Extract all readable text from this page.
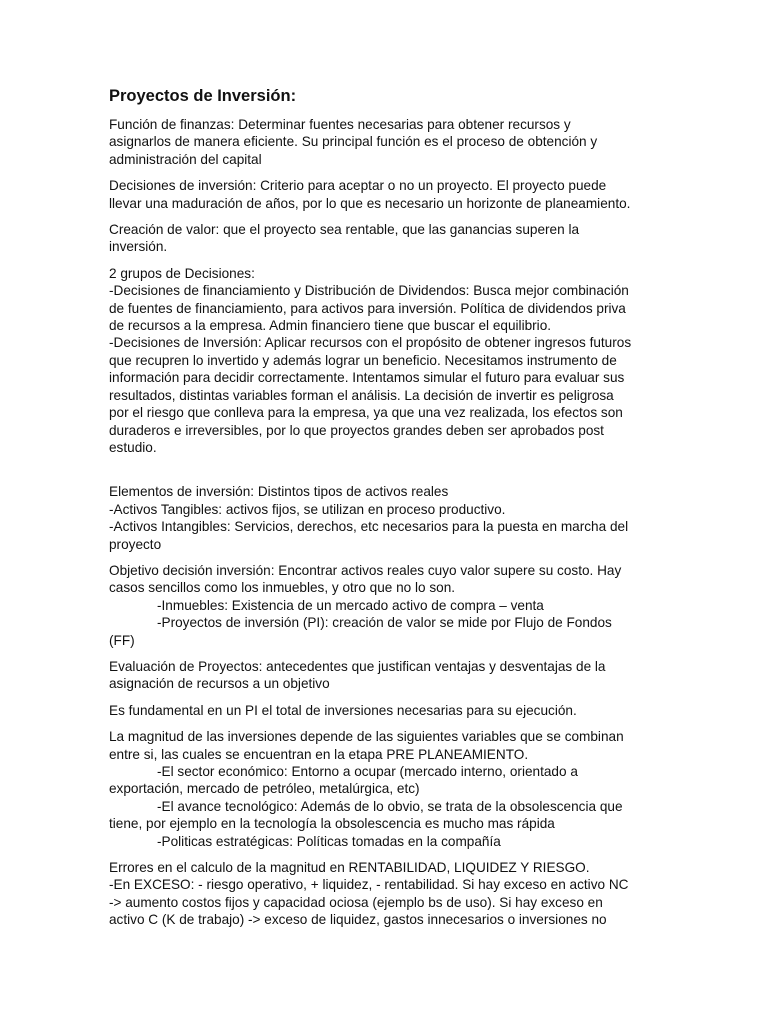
Proyectos de Inversión:
Función de finanzas: Determinar fuentes necesarias para obtener recursos y
asignarlos de manera eficiente. Su principal función es el proceso de obtención y
administración del capital
Decisiones de inversión: Criterio para aceptar o no un proyecto. El proyecto puede
llevar una maduración de años, por lo que es necesario un horizonte de planeamiento.
Creación de valor: que el proyecto sea rentable, que las ganancias superen la
inversión.
2 grupos de Decisiones:
-Decisiones de financiamiento y Distribución de Dividendos: Busca mejor combinación
de fuentes de financiamiento, para activos para inversión. Política de dividendos priva
de recursos a la empresa. Admin financiero tiene que buscar el equilibrio.
-Decisiones de Inversión: Aplicar recursos con el propósito de obtener ingresos futuros
que recupren lo invertido y además lograr un beneficio. Necesitamos instrumento de
información para decidir correctamente. Intentamos simular el futuro para evaluar sus
resultados, distintas variables forman el análisis. La decisión de invertir es peligrosa
por el riesgo que conlleva para la empresa, ya que una vez realizada, los efectos son
duraderos e irreversibles, por lo que proyectos grandes deben ser aprobados post
estudio.
Elementos de inversión: Distintos tipos de activos reales
-Activos Tangibles: activos fijos, se utilizan en proceso productivo.
-Activos Intangibles: Servicios, derechos, etc necesarios para la puesta en marcha del
proyecto
Objetivo decisión inversión: Encontrar activos reales cuyo valor supere su costo. Hay
casos sencillos como los inmuebles, y otro que no lo son.
-Inmuebles: Existencia de un mercado activo de compra – venta
-Proyectos de inversión (PI): creación de valor se mide por Flujo de Fondos
(FF)
Evaluación de Proyectos: antecedentes que justifican ventajas y desventajas de la
asignación de recursos a un objetivo
Es fundamental en un PI el total de inversiones necesarias para su ejecución.
La magnitud de las inversiones depende de las siguientes variables que se combinan
entre si, las cuales se encuentran en la etapa PRE PLANEAMIENTO.
-El sector económico: Entorno a ocupar (mercado interno, orientado a
exportación, mercado de petróleo, metalúrgica, etc)
-El avance tecnológico: Además de lo obvio, se trata de la obsolescencia que
tiene, por ejemplo en la tecnología la obsolescencia es mucho mas rápida
-Politicas estratégicas: Políticas tomadas en la compañía
Errores en el calculo de la magnitud en RENTABILIDAD, LIQUIDEZ Y RIESGO.
-En EXCESO: - riesgo operativo, + liquidez, - rentabilidad. Si hay exceso en activo NC
-> aumento costos fijos y capacidad ociosa (ejemplo bs de uso). Si hay exceso en
activo C (K de trabajo) -> exceso de liquidez, gastos innecesarios o inversiones no
